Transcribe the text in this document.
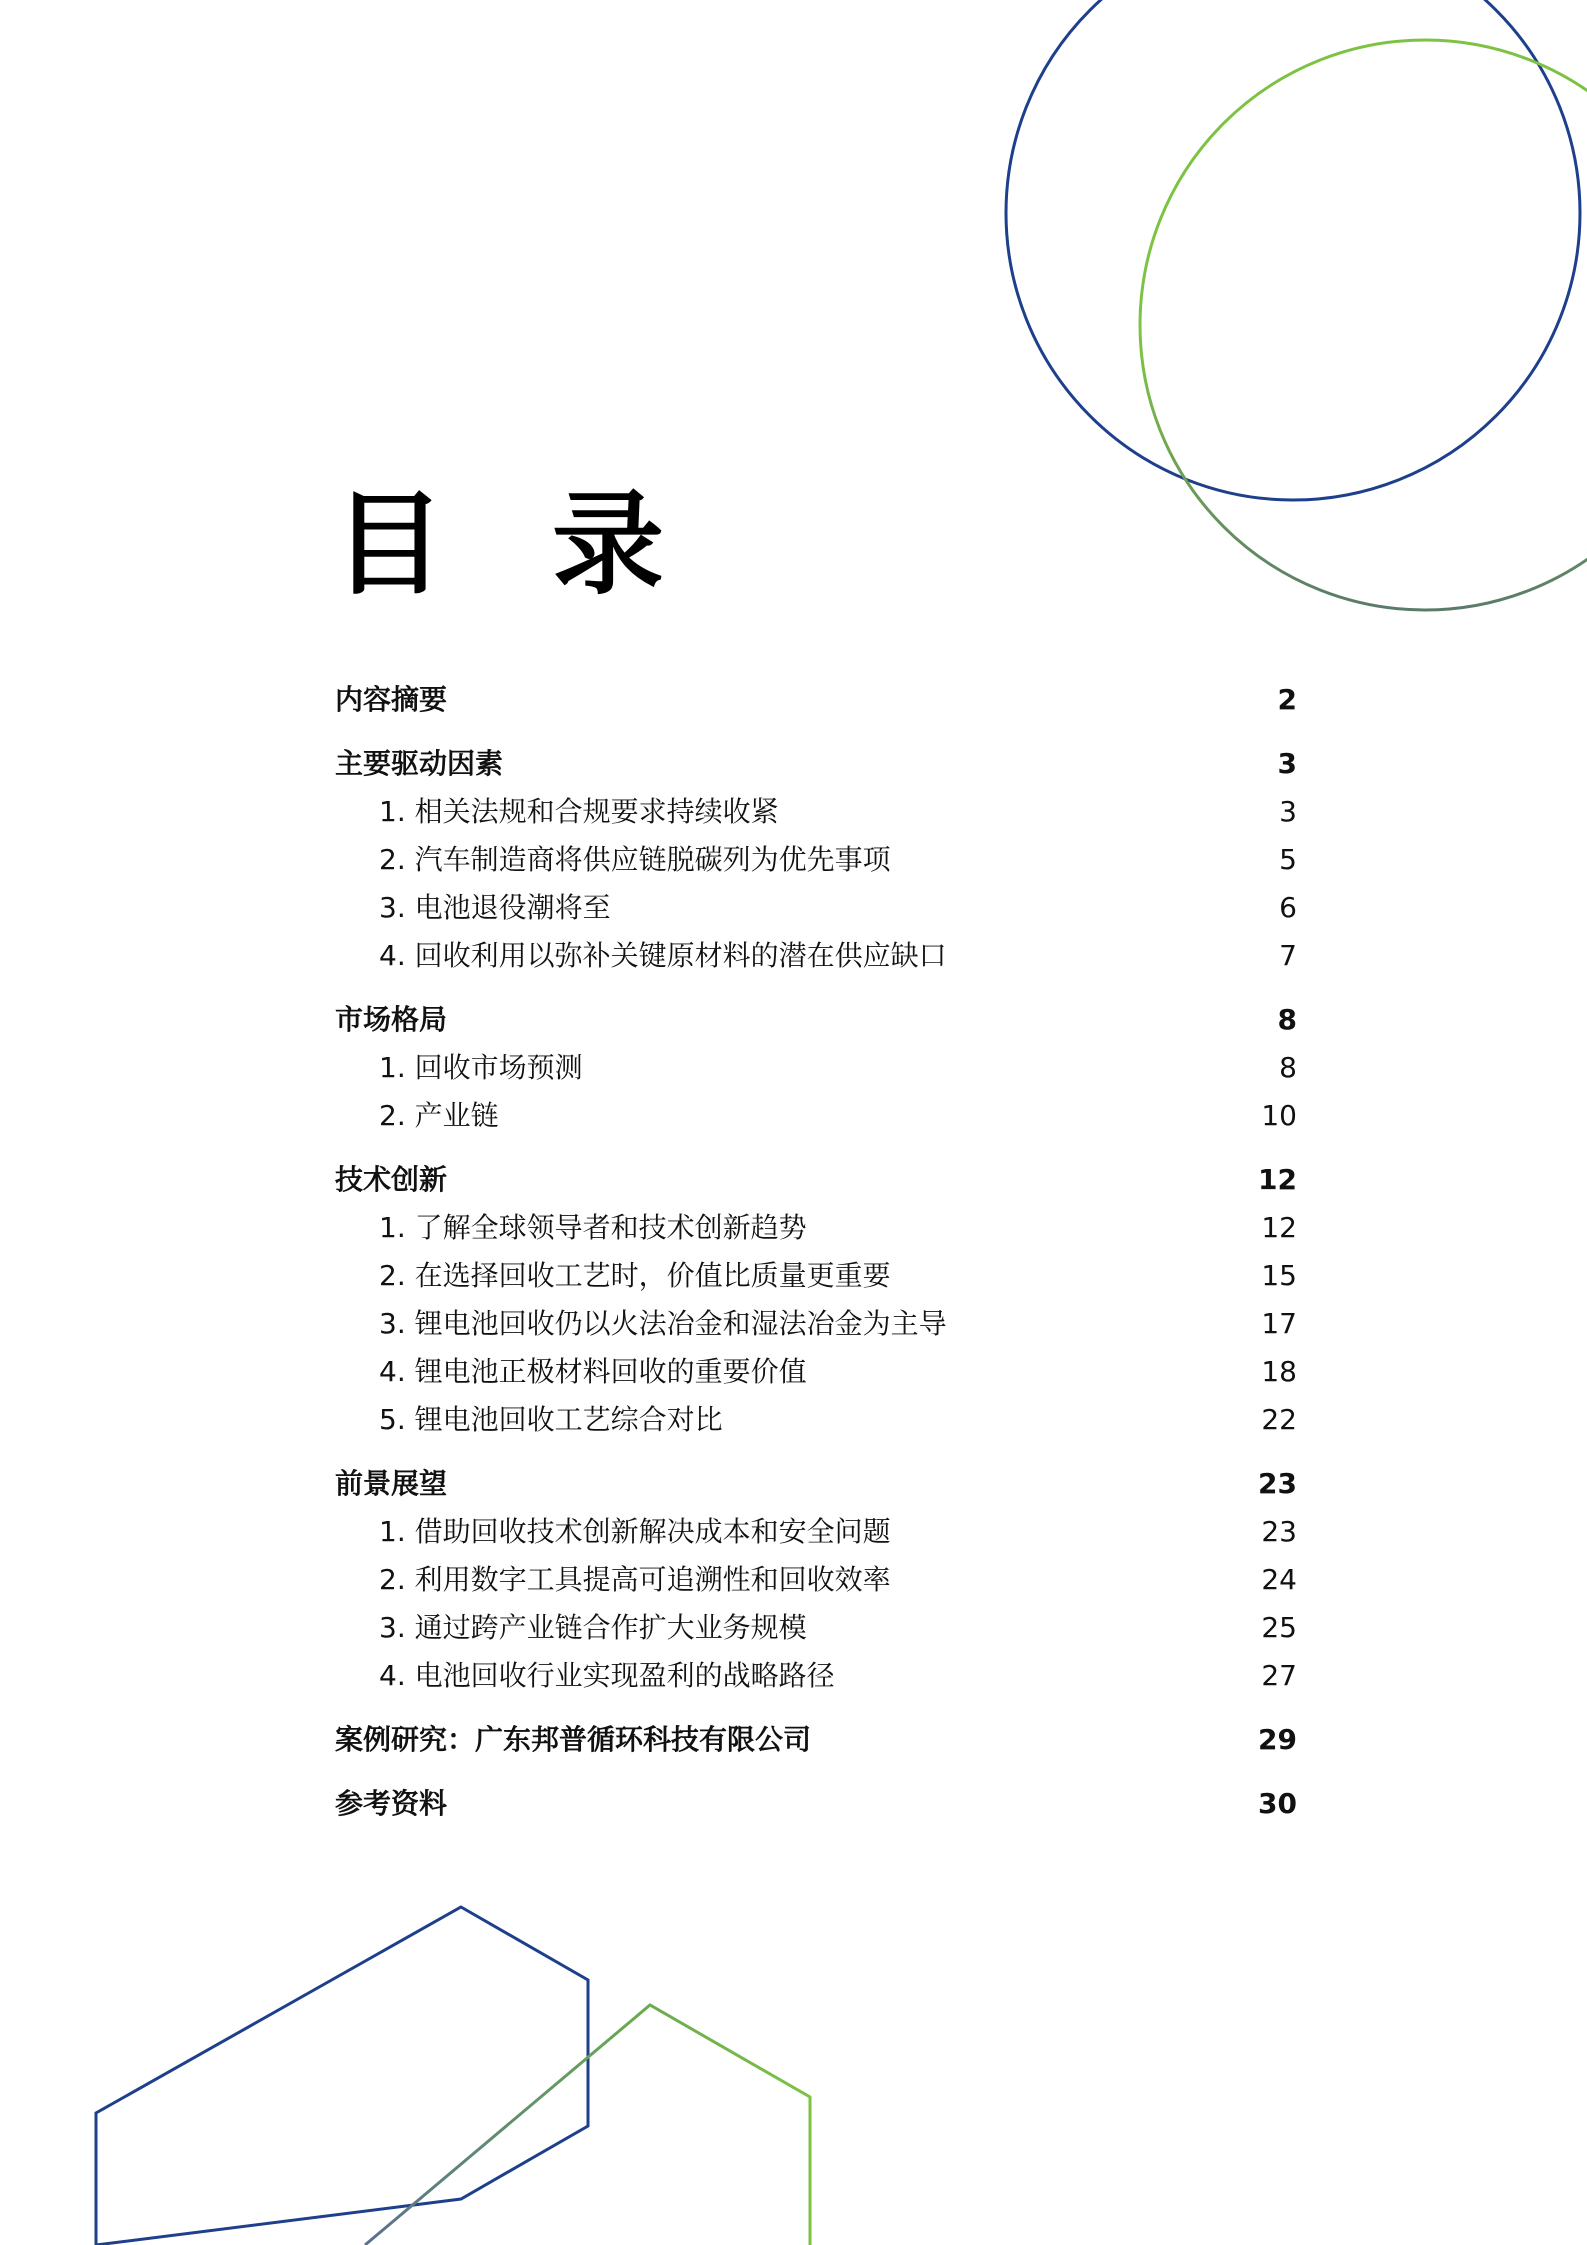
目 录
内容摘要	2
主要驱动因素	3
1. 相关法规和合规要求持续收紧	3
2. 汽车制造商将供应链脱碳列为优先事项	5
3. 电池退役潮将至	6
4. 回收利用以弥补关键原材料的潜在供应缺口	7
市场格局	8
1. 回收市场预测	8
2. 产业链	10
技术创新	12
1. 了解全球领导者和技术创新趋势	12
2. 在选择回收工艺时，价值比质量更重要	15
3. 锂电池回收仍以火法冶金和湿法冶金为主导	17
4. 锂电池正极材料回收的重要价值	18
5. 锂电池回收工艺综合对比	22
前景展望	23
1. 借助回收技术创新解决成本和安全问题	23
2. 利用数字工具提高可追溯性和回收效率	24
3. 通过跨产业链合作扩大业务规模	25
4. 电池回收行业实现盈利的战略路径	27
案例研究：广东邦普循环科技有限公司	29
参考资料	30
